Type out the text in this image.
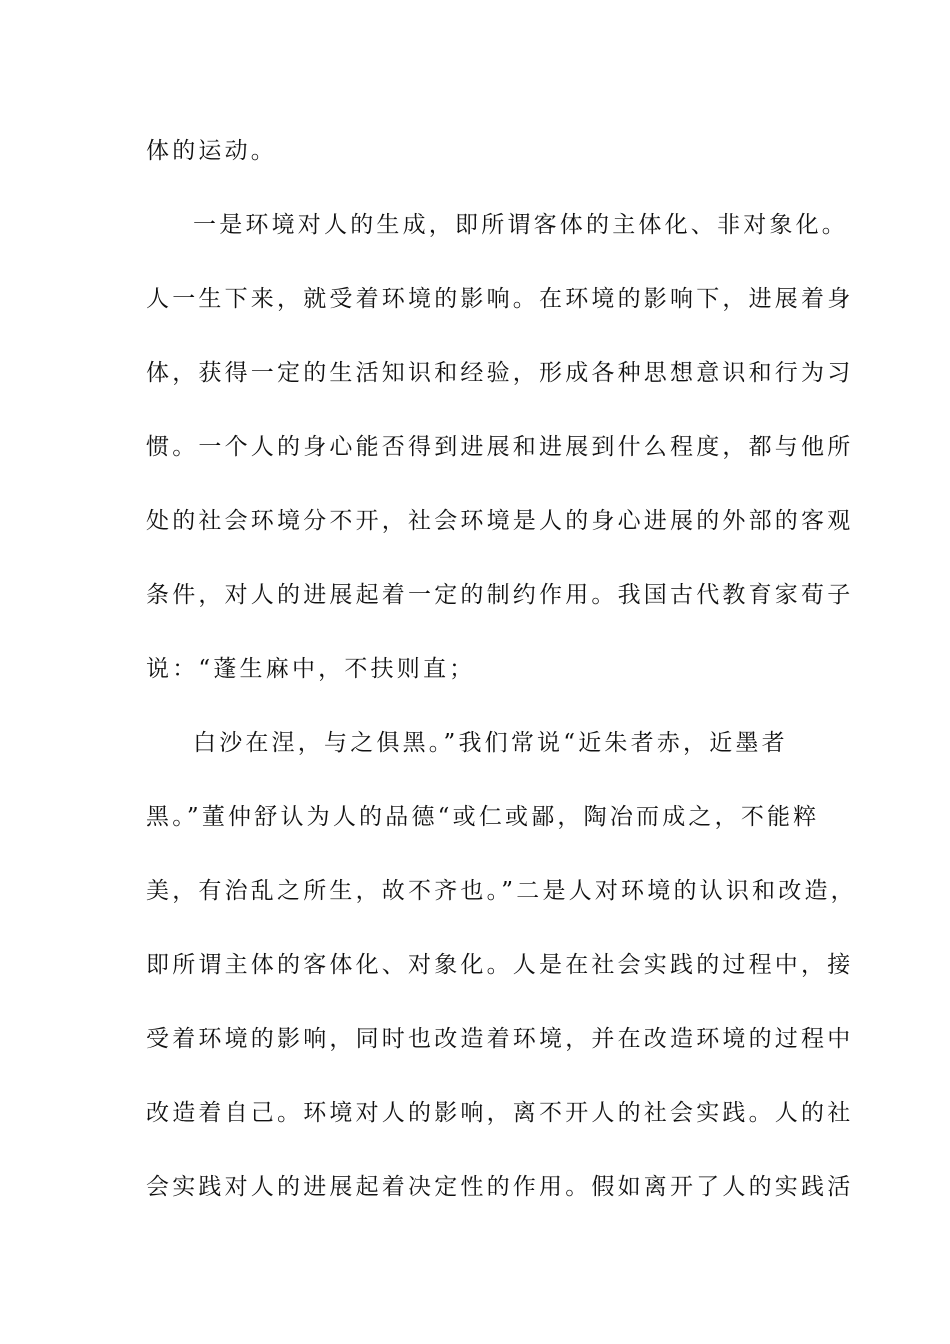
体的运动。
一是环境对人的生成，即所谓客体的主体化、非对象化。
人一生下来，就受着环境的影响。在环境的影响下，进展着身
体，获得一定的生活知识和经验，形成各种思想意识和行为习
惯。一个人的身心能否得到进展和进展到什么程度，都与他所
处的社会环境分不开，社会环境是人的身心进展的外部的客观
条件，对人的进展起着一定的制约作用。我国古代教育家荀子
说：“蓬生麻中，不扶则直；
白沙在涅，与之俱黑。”我们常说“近朱者赤，近墨者
黑。”董仲舒认为人的品德“或仁或鄙，陶冶而成之，不能粹
美，有治乱之所生，故不齐也。”二是人对环境的认识和改造，
即所谓主体的客体化、对象化。人是在社会实践的过程中，接
受着环境的影响，同时也改造着环境，并在改造环境的过程中
改造着自己。环境对人的影响，离不开人的社会实践。人的社
会实践对人的进展起着决定性的作用。假如离开了人的实践活
